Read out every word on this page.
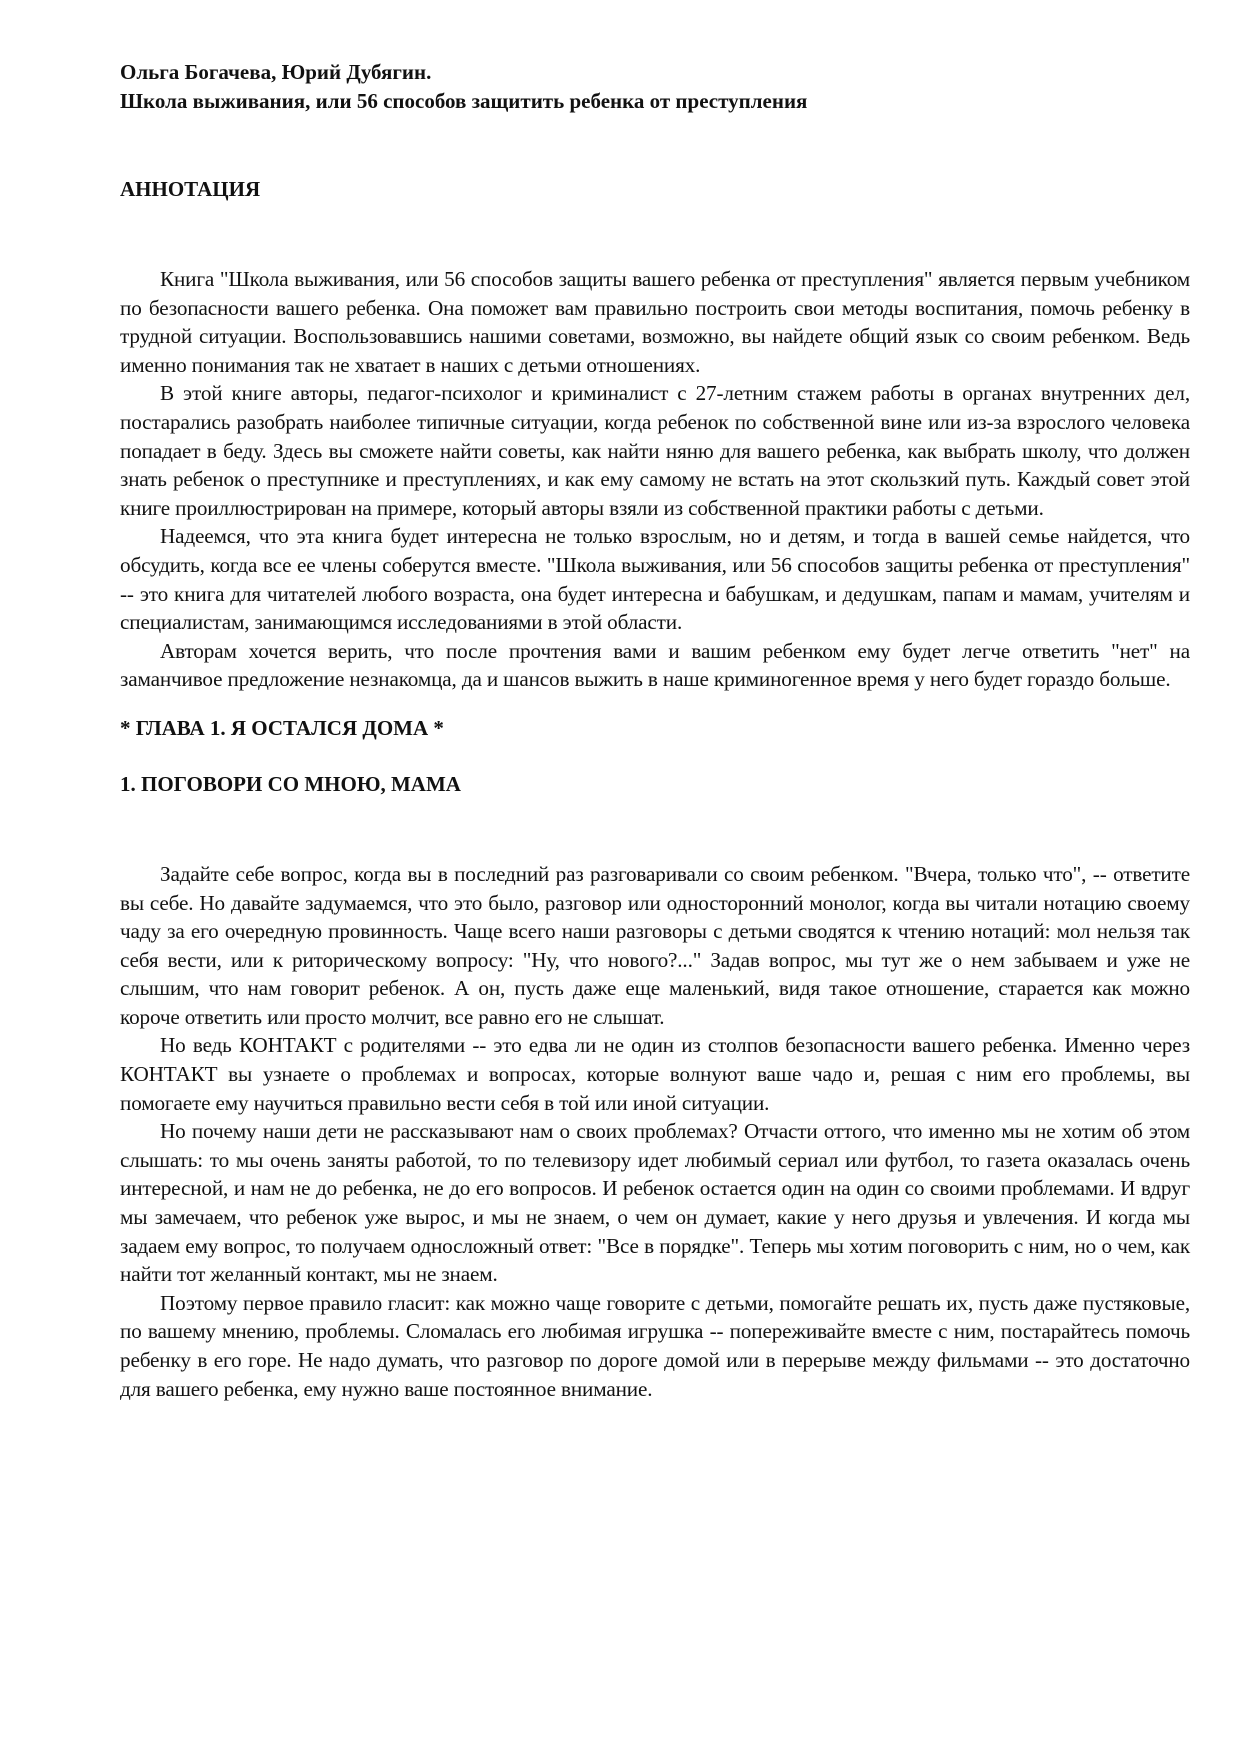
Ольга Богачева, Юрий Дубягин.
Школа выживания, или 56 способов защитить ребенка от преступления
АННОТАЦИЯ

Книга "Школа выживания, или 56 способов защиты вашего ребенка от преступления" является первым учебником по безопасности вашего ребенка. Она поможет вам правильно построить свои методы воспитания, помочь ребенку в трудной ситуации. Воспользовавшись нашими советами, возможно, вы найдете общий язык со своим ребенком. Ведь именно понимания так не хватает в наших с детьми отношениях.

В этой книге авторы, педагог-психолог и криминалист с 27-летним стажем работы в органах внутренних дел, постарались разобрать наиболее типичные ситуации, когда ребенок по собственной вине или из-за взрослого человека попадает в беду. Здесь вы сможете найти советы, как найти няню для вашего ребенка, как выбрать школу, что должен знать ребенок о преступнике и преступлениях, и как ему самому не встать на этот скользкий путь. Каждый совет этой книге проиллюстрирован на примере, который авторы взяли из собственной практики работы с детьми.

Надеемся, что эта книга будет интересна не только взрослым, но и детям, и тогда в вашей семье найдется, что обсудить, когда все ее члены соберутся вместе. "Школа выживания, или 56 способов защиты ребенка от преступления" -- это книга для читателей любого возраста, она будет интересна и бабушкам, и дедушкам, папам и мамам, учителям и специалистам, занимающимся исследованиями в этой области.

Авторам хочется верить, что после прочтения вами и вашим ребенком ему будет легче ответить "нет" на заманчивое предложение незнакомца, да и шансов выжить в наше криминогенное время у него будет гораздо больше.

* ГЛАВА 1. Я ОСТАЛСЯ ДОМА *
1. ПОГОВОРИ СО МНОЮ, МАМА

Задайте себе вопрос, когда вы в последний раз разговаривали со своим ребенком. "Вчера, только что", -- ответите вы себе. Но давайте задумаемся, что это было, разговор или односторонний монолог, когда вы читали нотацию своему чаду за его очередную провинность. Чаще всего наши разговоры с детьми сводятся к чтению нотаций: мол нельзя так себя вести, или к риторическому вопросу: "Ну, что нового?..." Задав вопрос, мы тут же о нем забываем и уже не слышим, что нам говорит ребенок. А он, пусть даже еще маленький, видя такое отношение, старается как можно короче ответить или просто молчит, все равно его не слышат.

Но ведь КОНТАКТ с родителями -- это едва ли не один из столпов безопасности вашего ребенка. Именно через КОНТАКТ вы узнаете о проблемах и вопросах, которые волнуют ваше чадо и, решая с ним его проблемы, вы помогаете ему научиться правильно вести себя в той или иной ситуации.

Но почему наши дети не рассказывают нам о своих проблемах? Отчасти оттого, что именно мы не хотим об этом слышать: то мы очень заняты работой, то по телевизору идет любимый сериал или футбол, то газета оказалась очень интересной, и нам не до ребенка, не до его вопросов. И ребенок остается один на один со своими проблемами. И вдруг мы замечаем, что ребенок уже вырос, и мы не знаем, о чем он думает, какие у него друзья и увлечения. И когда мы задаем ему вопрос, то получаем односложный ответ: "Все в порядке". Теперь мы хотим поговорить с ним, но о чем, как найти тот желанный контакт, мы не знаем.

Поэтому первое правило гласит: как можно чаще говорите с детьми, помогайте решать их, пусть даже пустяковые, по вашему мнению, проблемы. Сломалась его любимая игрушка -- попереживайте вместе с ним, постарайтесь помочь ребенку в его горе. Не надо думать, что разговор по дороге домой или в перерыве между фильмами -- это достаточно для вашего ребенка, ему нужно ваше постоянное внимание.
